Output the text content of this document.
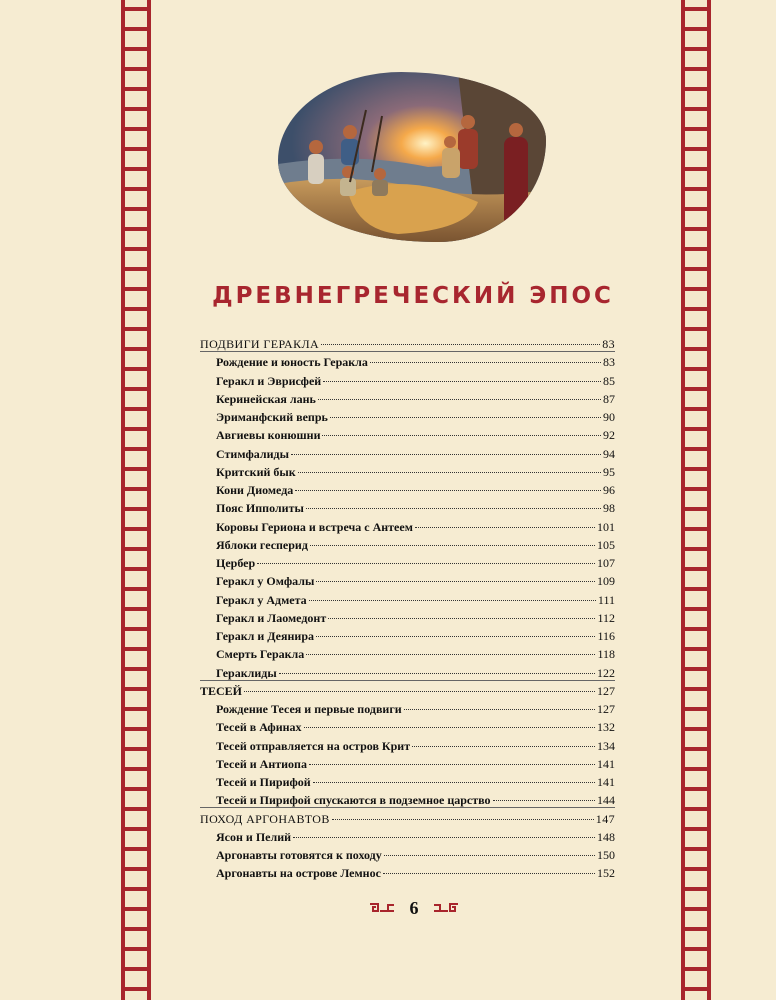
ДРЕВНЕГРЕЧЕСКИЙ ЭПОС
ПОДВИГИ ГЕРАКЛА	83
Рождение и юность Геракла	83
Геракл и Эврисфей	85
Керинейская лань	87
Эриманфский вепрь	90
Авгиевы конюшни	92
Стимфалиды	94
Критский бык	95
Кони Диомеда	96
Пояс Ипполиты	98
Коровы Гериона и встреча с Антеем	101
Яблоки гесперид	105
Цербер	107
Геракл у Омфалы	109
Геракл у Адмета	111
Геракл и Лаомедонт	112
Геракл и Деянира	116
Смерть Геракла	118
Гераклиды	122
ТЕСЕЙ	127
Рождение Тесея и первые подвиги	127
Тесей в Афинах	132
Тесей отправляется на остров Крит	134
Тесей и Антиопа	141
Тесей и Пирифой	141
Тесей и Пирифой спускаются в подземное царство	144
ПОХОД АРГОНАВТОВ	147
Ясон и Пелий	148
Аргонавты готовятся к походу	150
Аргонавты на острове Лемнос	152
6
